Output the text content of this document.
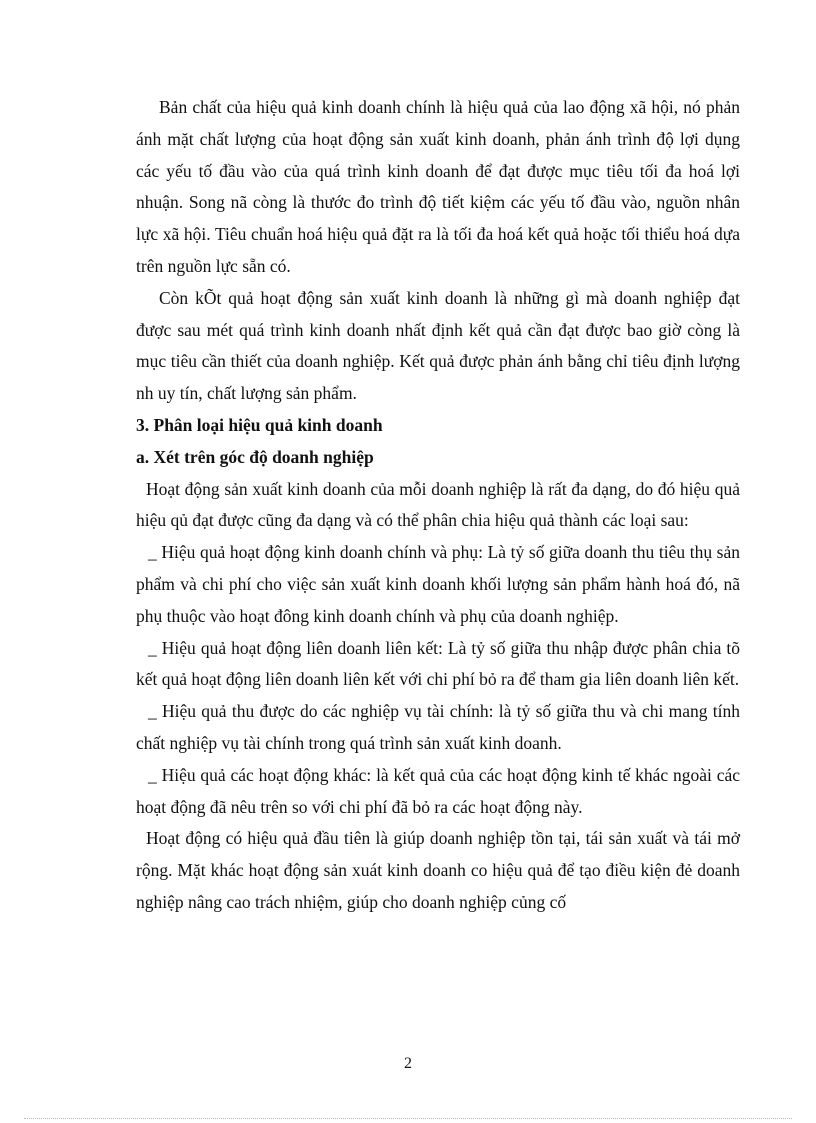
Bản chất của hiệu quả kinh doanh chính là hiệu quả của lao động xã hội, nó phản ánh mặt chất lượng của hoạt động sản xuất kinh doanh, phản ánh trình độ lợi dụng các yếu tố đầu vào của quá trình kinh doanh để đạt được mục tiêu tối đa hoá lợi nhuận. Song nã còng là thước đo trình độ tiết kiệm các yếu tố đầu vào, nguồn nhân lực xã hội. Tiêu chuẩn hoá hiệu quả đặt ra là tối đa hoá kết quả hoặc tối thiểu hoá dựa trên nguồn lực sẵn có.

Còn kÕt quả hoạt động sản xuất kinh doanh là những gì mà doanh nghiệp đạt được sau mét quá trình kinh doanh nhất định kết quả cần đạt được bao giờ còng là mục tiêu cần thiết của doanh nghiệp. Kết quả được phản ánh bằng chỉ tiêu định lượng nh uy tín, chất lượng sản phẩm.

3. Phân loại hiệu quả kinh doanh
a. Xét trên góc độ doanh nghiệp

Hoạt động sản xuất kinh doanh của mỗi doanh nghiệp là rất đa dạng, do đó hiệu quả hiệu qủ đạt được cũng đa dạng và có thể phân chia hiệu quả thành các loại sau:

_ Hiệu quả hoạt động kinh doanh chính và phụ: Là tỷ số giữa doanh thu tiêu thụ sản phẩm và chi phí cho việc sản xuất kinh doanh khối lượng sản phẩm hành hoá đó, nã phụ thuộc vào hoạt đông kinh doanh chính và phụ của doanh nghiệp.

_ Hiệu quả hoạt động liên doanh liên kết: Là tỷ số giữa thu nhập được phân chia tõ kết quả hoạt động liên doanh liên kết với chi phí bỏ ra để tham gia liên doanh liên kết.

_ Hiệu quả thu được do các nghiệp vụ tài chính: là tỷ số giữa thu và chi mang tính chất nghiệp vụ tài chính trong quá trình sản xuất kinh doanh.

_ Hiệu quả các hoạt động khác: là kết quả của các hoạt động kinh tế khác ngoài các hoạt động đã nêu trên so với chi phí đã bỏ ra các hoạt động này.

Hoạt động có hiệu quả đầu tiên là giúp doanh nghiệp tồn tại, tái sản xuất và tái mở rộng. Mặt khác hoạt động sản xuát kinh doanh co hiệu quả để tạo điều kiện đẻ doanh nghiệp nâng cao trách nhiệm, giúp cho doanh nghiệp củng cố

2
